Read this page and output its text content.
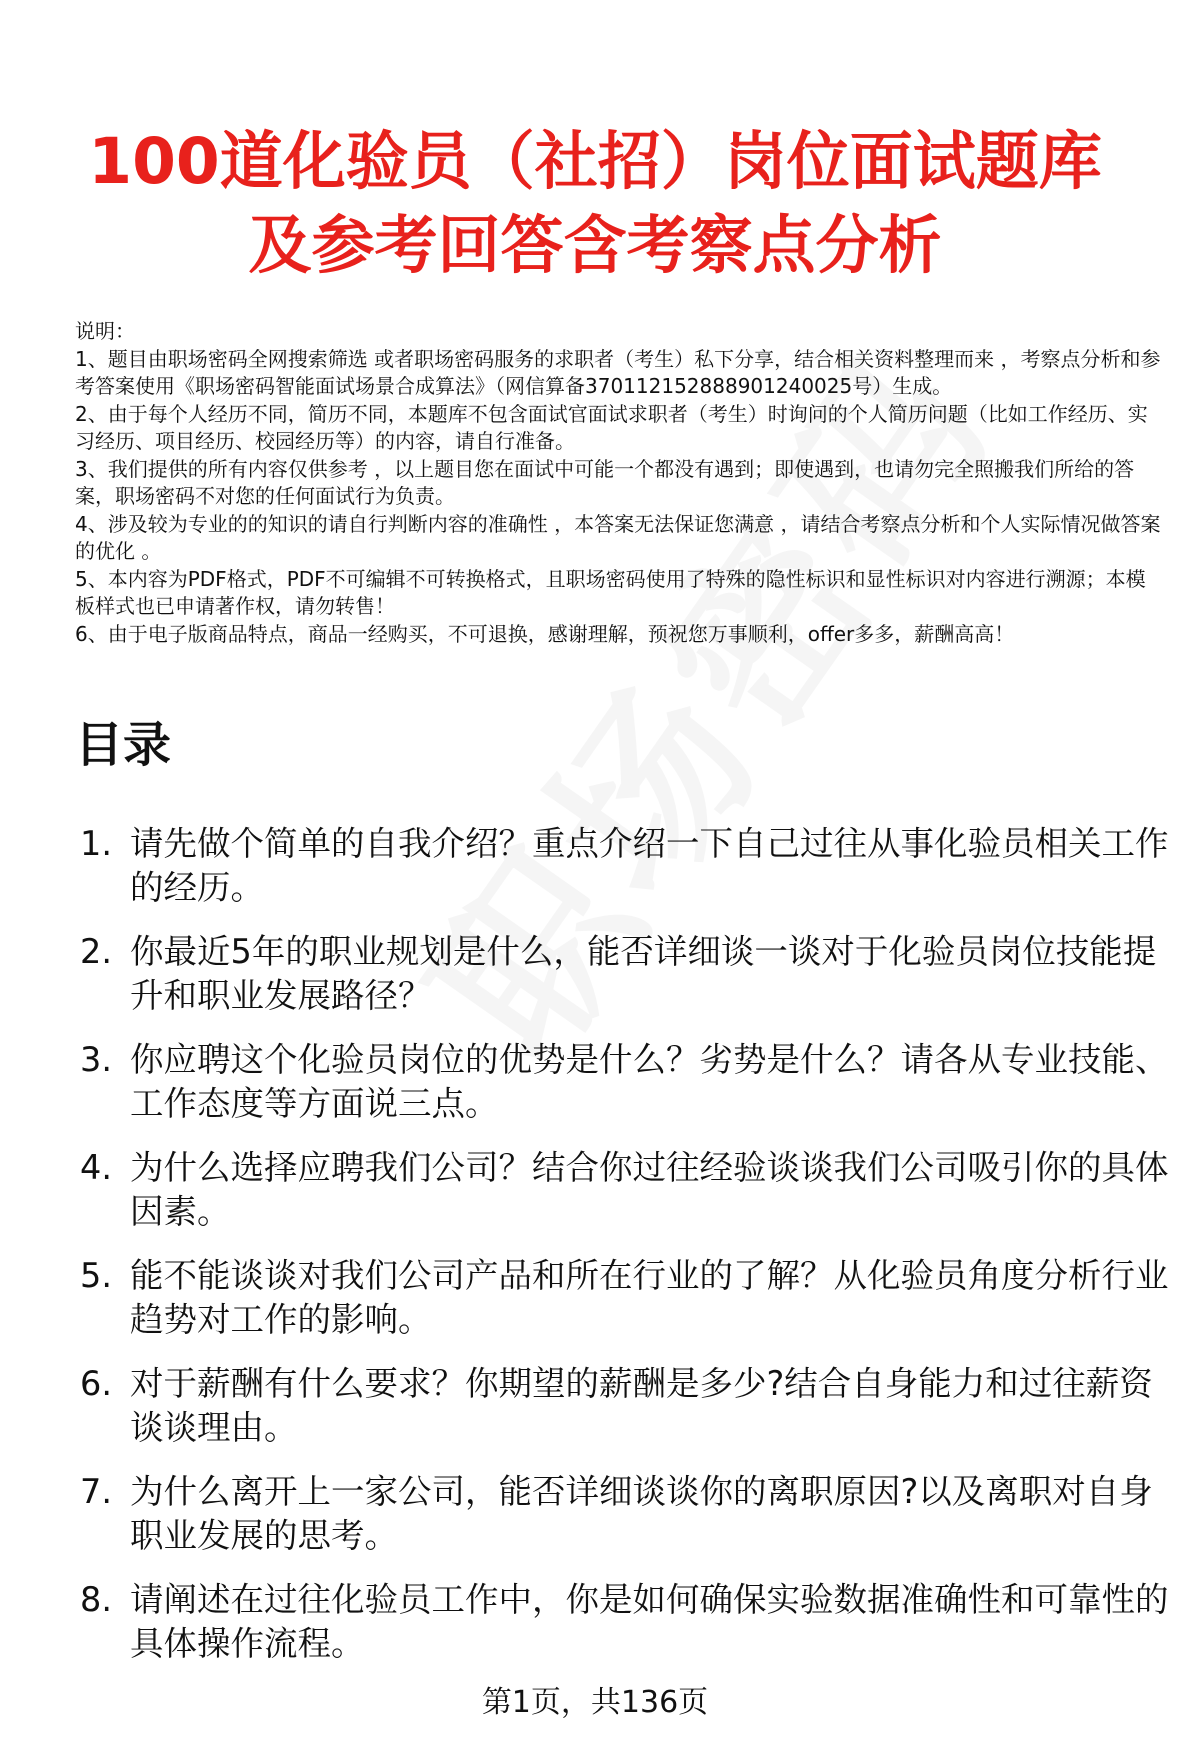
100道化验员（社招）岗位面试题库
及参考回答含考察点分析

说明：

1、题目由职场密码全网搜索筛选 或者职场密码服务的求职者（考生）私下分享，结合相关资料整理而来 ，考察点分析和参考答案使用《职场密码智能面试场景合成算法》（网信算备370112152888901240025号）生成。

2、由于每个人经历不同，简历不同，本题库不包含面试官面试求职者（考生）时询问的个人简历问题（比如工作经历、实习经历、项目经历、校园经历等）的内容，请自行准备。

3、我们提供的所有内容仅供参考 ，以上题目您在面试中可能一个都没有遇到；即使遇到，也请勿完全照搬我们所给的答案，职场密码不对您的任何面试行为负责。

4、涉及较为专业的的知识的请自行判断内容的准确性 ，本答案无法保证您满意 ，请结合考察点分析和个人实际情况做答案的优化 。

5、本内容为PDF格式，PDF不可编辑不可转换格式，且职场密码使用了特殊的隐性标识和显性标识对内容进行溯源；本模板样式也已申请著作权，请勿转售！

6、由于电子版商品特点，商品一经购买，不可退换，感谢理解，预祝您万事顺利，offer多多，薪酬高高！

目录
1. 请先做个简单的自我介绍？重点介绍一下自己过往从事化验员相关工作的经历。
2. 你最近5年的职业规划是什么，能否详细谈一谈对于化验员岗位技能提升和职业发展路径？
3. 你应聘这个化验员岗位的优势是什么？劣势是什么？请各从专业技能、工作态度等方面说三点。
4. 为什么选择应聘我们公司？结合你过往经验谈谈我们公司吸引你的具体因素。
5. 能不能谈谈对我们公司产品和所在行业的了解？从化验员角度分析行业趋势对工作的影响。
6. 对于薪酬有什么要求？你期望的薪酬是多少?结合自身能力和过往薪资谈谈理由。
7. 为什么离开上一家公司，能否详细谈谈你的离职原因?以及离职对自身职业发展的思考。
8. 请阐述在过往化验员工作中，你是如何确保实验数据准确性和可靠性的具体操作流程。
第1页，共136页
